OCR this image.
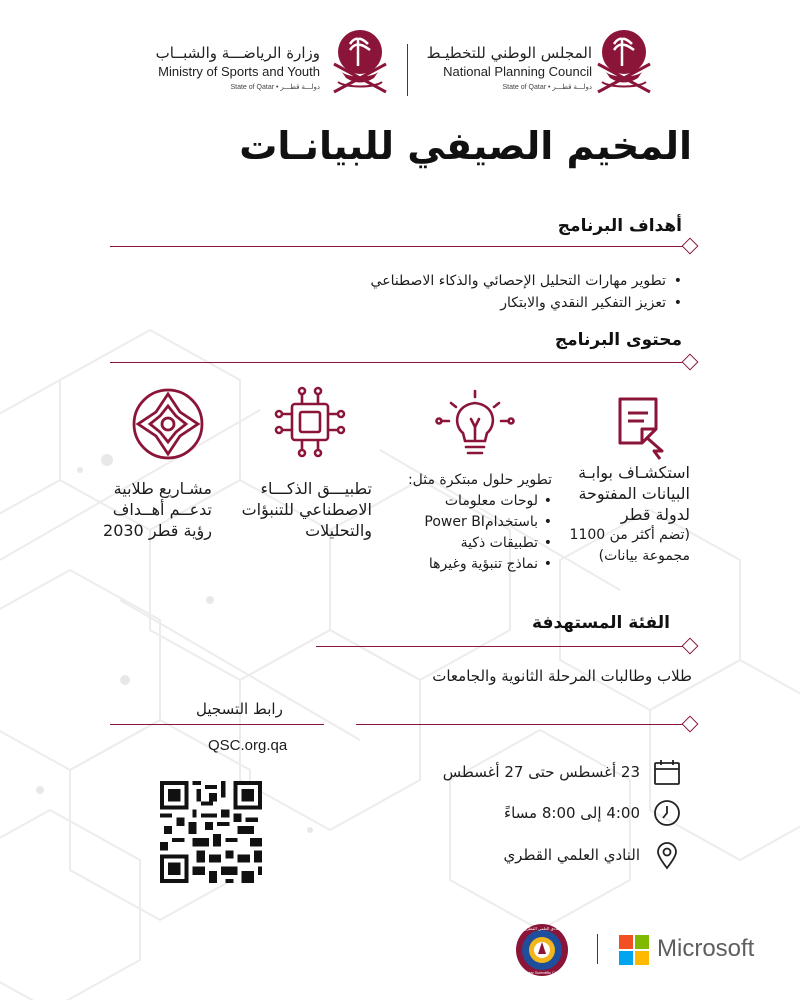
وزارة الرياضـــة والشبــاب
Ministry of Sports and Youth
State of Qatar • دولـــة قطـــر
المجلس الوطني للتخطيـط
National Planning Council
State of Qatar • دولـــة قطـــر
المخيم الصيفي للبيانـات
أهداف البرنامج
• تطوير مهارات التحليل الإحصائي والذكاء الاصطناعي
• تعزيز التفكير النقدي والابتكار
محتوى البرنامج
استكشـاف بوابـة
البيانات المفتوحة
لدولة قطر
(تضم أكثر من 1100
مجموعة بيانات)
تطوير حلول مبتكرة مثل:
• لوحات معلومات
• باستخدامPower BI
• تطبيقات ذكية
• نماذج تنبؤية وغيرها
تطبيـــق الذكـــاء
الاصطناعي للتنبؤات
والتحليلات
مشـاريع طلابية
تدعــم أهــداف
رؤية قطر 2030
الفئة المستهدفة
طلاب وطالبات المرحلة الثانوية والجامعات
رابط التسجيل
QSC.org.qa
23 أغسطس حتى 27 أغسطس
4:00 إلى 8:00 مساءً
النادي العلمي القطري
Qatar Scientific Club
النادي العلمي القطري
Microsoft
